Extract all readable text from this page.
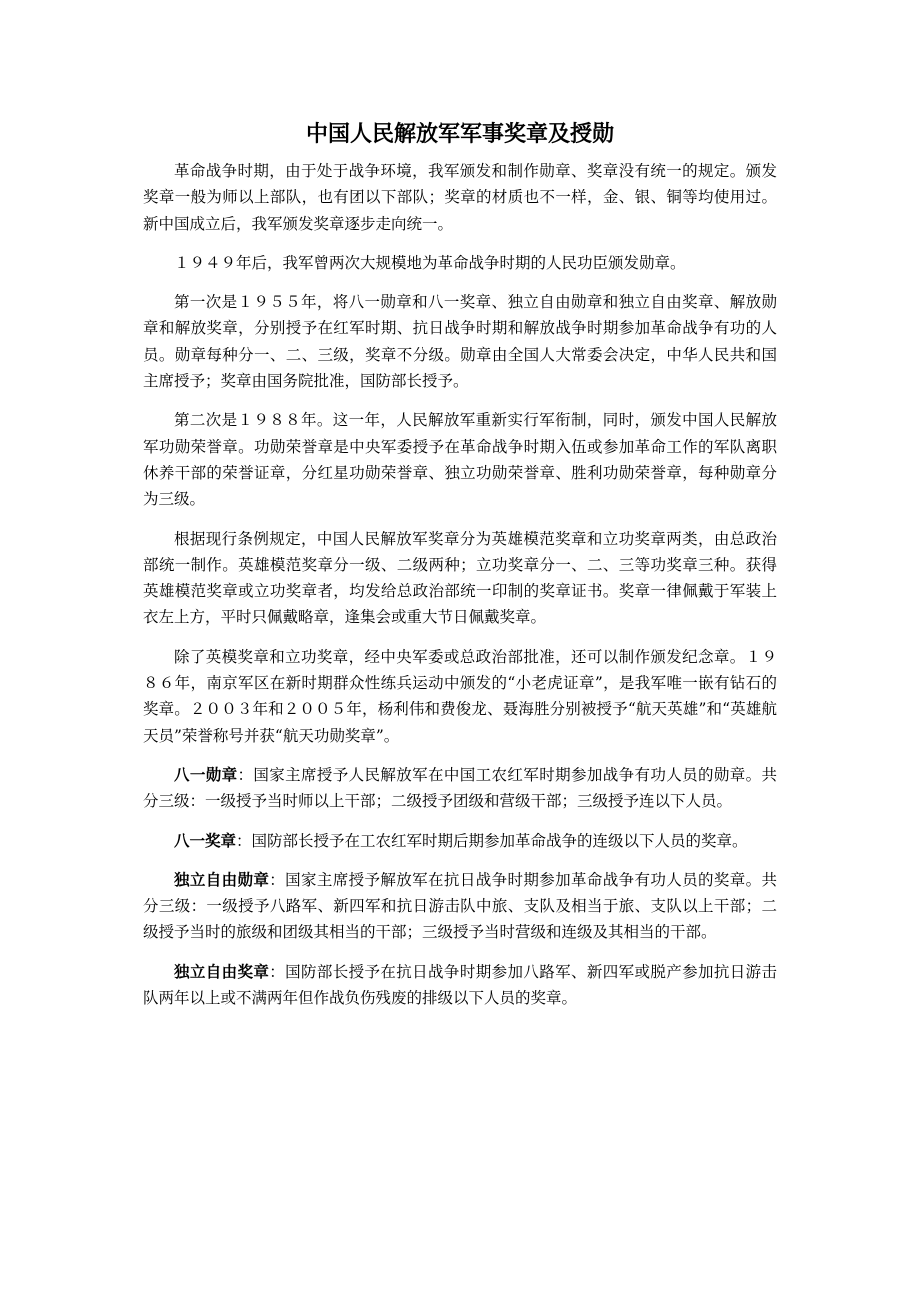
中国人民解放军军事奖章及授勋

革命战争时期，由于处于战争环境，我军颁发和制作勋章、奖章没有统一的规定。颁发奖章一般为师以上部队，也有团以下部队；奖章的材质也不一样，金、银、铜等均使用过。新中国成立后，我军颁发奖章逐步走向统一。

１９４９年后，我军曾两次大规模地为革命战争时期的人民功臣颁发勋章。

第一次是１９５５年，将八一勋章和八一奖章、独立自由勋章和独立自由奖章、解放勋章和解放奖章，分别授予在红军时期、抗日战争时期和解放战争时期参加革命战争有功的人员。勋章每种分一、二、三级，奖章不分级。勋章由全国人大常委会决定，中华人民共和国主席授予；奖章由国务院批准，国防部长授予。

第二次是１９８８年。这一年，人民解放军重新实行军衔制，同时，颁发中国人民解放军功勋荣誉章。功勋荣誉章是中央军委授予在革命战争时期入伍或参加革命工作的军队离职休养干部的荣誉证章，分红星功勋荣誉章、独立功勋荣誉章、胜利功勋荣誉章，每种勋章分为三级。

根据现行条例规定，中国人民解放军奖章分为英雄模范奖章和立功奖章两类，由总政治部统一制作。英雄模范奖章分一级、二级两种；立功奖章分一、二、三等功奖章三种。获得英雄模范奖章或立功奖章者，均发给总政治部统一印制的奖章证书。奖章一律佩戴于军装上衣左上方，平时只佩戴略章，逢集会或重大节日佩戴奖章。

除了英模奖章和立功奖章，经中央军委或总政治部批准，还可以制作颁发纪念章。１９８６年，南京军区在新时期群众性练兵运动中颁发的“小老虎证章”，是我军唯一嵌有钻石的奖章。２００３年和２００５年，杨利伟和费俊龙、聂海胜分别被授予“航天英雄”和“英雄航天员”荣誉称号并获“航天功勋奖章”。

八一勋章：国家主席授予人民解放军在中国工农红军时期参加战争有功人员的勋章。共分三级：一级授予当时师以上干部；二级授予团级和营级干部；三级授予连以下人员。

八一奖章：国防部长授予在工农红军时期后期参加革命战争的连级以下人员的奖章。

独立自由勋章：国家主席授予解放军在抗日战争时期参加革命战争有功人员的奖章。共分三级：一级授予八路军、新四军和抗日游击队中旅、支队及相当于旅、支队以上干部；二级授予当时的旅级和团级其相当的干部；三级授予当时营级和连级及其相当的干部。

独立自由奖章：国防部长授予在抗日战争时期参加八路军、新四军或脱产参加抗日游击队两年以上或不满两年但作战负伤残废的排级以下人员的奖章。
